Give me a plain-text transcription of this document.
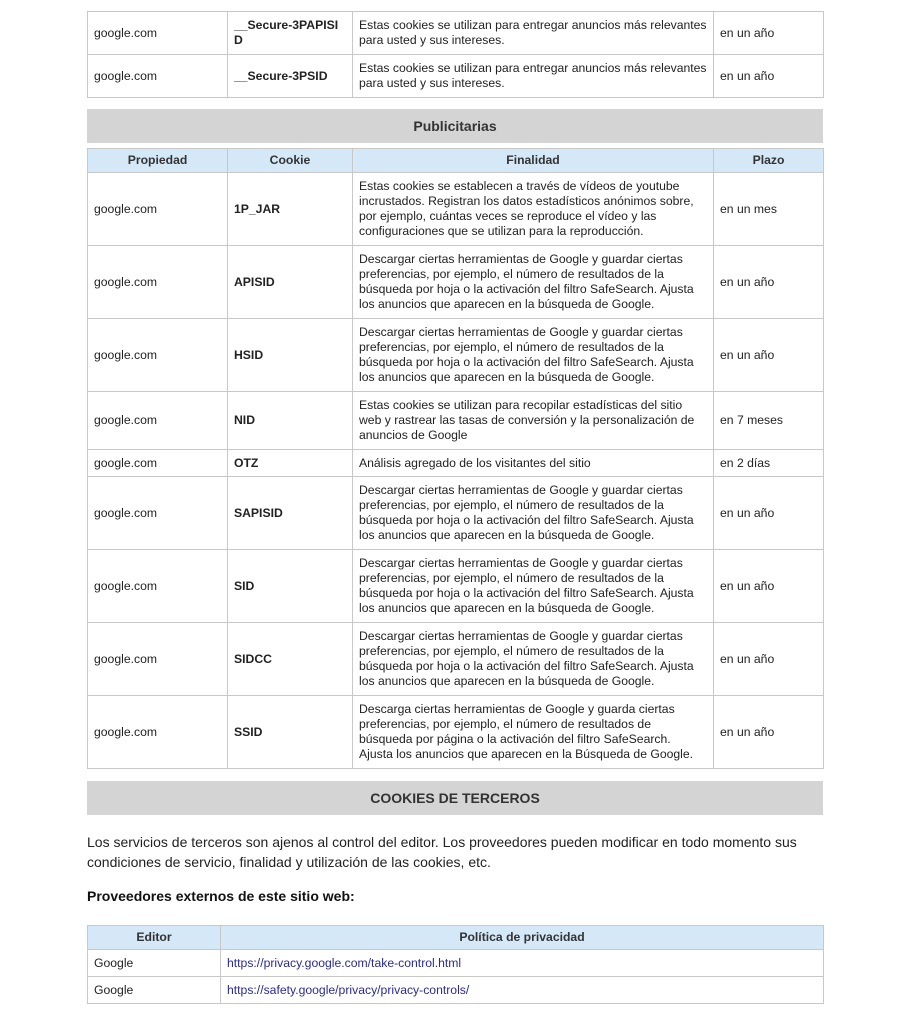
google.com	__Secure-3PAPISID	Estas cookies se utilizan para entregar anuncios más relevantes para usted y sus intereses.	en un año
google.com	__Secure-3PSID	Estas cookies se utilizan para entregar anuncios más relevantes para usted y sus intereses.	en un año
Publicitarias
Propiedad	Cookie	Finalidad	Plazo
google.com	1P_JAR	Estas cookies se establecen a través de vídeos de youtube incrustados. Registran los datos estadísticos anónimos sobre, por ejemplo, cuántas veces se reproduce el vídeo y las configuraciones que se utilizan para la reproducción.	en un mes
google.com	APISID	Descargar ciertas herramientas de Google y guardar ciertas preferencias, por ejemplo, el número de resultados de la búsqueda por hoja o la activación del filtro SafeSearch. Ajusta los anuncios que aparecen en la búsqueda de Google.	en un año
google.com	HSID	Descargar ciertas herramientas de Google y guardar ciertas preferencias, por ejemplo, el número de resultados de la búsqueda por hoja o la activación del filtro SafeSearch. Ajusta los anuncios que aparecen en la búsqueda de Google.	en un año
google.com	NID	Estas cookies se utilizan para recopilar estadísticas del sitio web y rastrear las tasas de conversión y la personalización de anuncios de Google	en 7 meses
google.com	OTZ	Análisis agregado de los visitantes del sitio	en 2 días
google.com	SAPISID	Descargar ciertas herramientas de Google y guardar ciertas preferencias, por ejemplo, el número de resultados de la búsqueda por hoja o la activación del filtro SafeSearch. Ajusta los anuncios que aparecen en la búsqueda de Google.	en un año
google.com	SID	Descargar ciertas herramientas de Google y guardar ciertas preferencias, por ejemplo, el número de resultados de la búsqueda por hoja o la activación del filtro SafeSearch. Ajusta los anuncios que aparecen en la búsqueda de Google.	en un año
google.com	SIDCC	Descargar ciertas herramientas de Google y guardar ciertas preferencias, por ejemplo, el número de resultados de la búsqueda por hoja o la activación del filtro SafeSearch. Ajusta los anuncios que aparecen en la búsqueda de Google.	en un año
google.com	SSID	Descarga ciertas herramientas de Google y guarda ciertas preferencias, por ejemplo, el número de resultados de búsqueda por página o la activación del filtro SafeSearch. Ajusta los anuncios que aparecen en la Búsqueda de Google.	en un año
COOKIES DE TERCEROS

Los servicios de terceros son ajenos al control del editor. Los proveedores pueden modificar en todo momento sus condiciones de servicio, finalidad y utilización de las cookies, etc.

Proveedores externos de este sitio web:

Editor	Política de privacidad
Google	https://privacy.google.com/take-control.html
Google	https://safety.google/privacy/privacy-controls/
